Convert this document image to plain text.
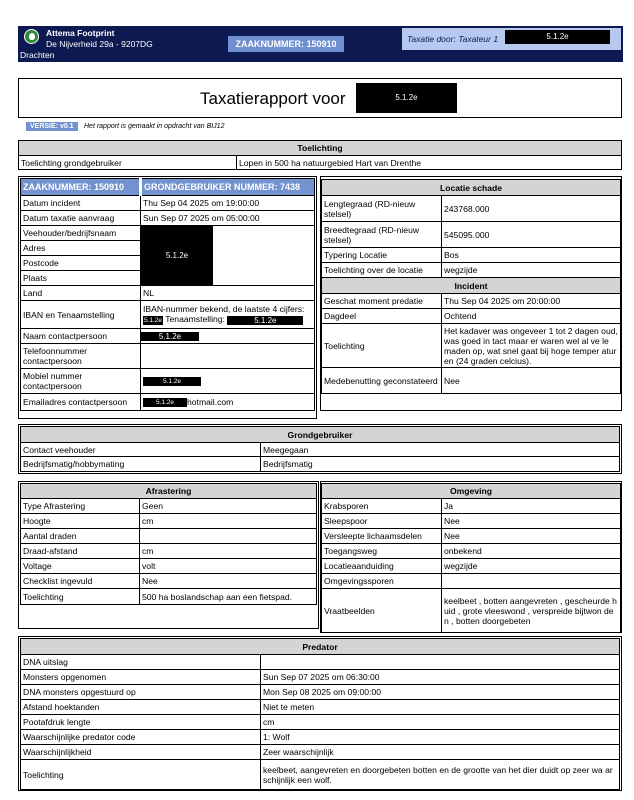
Attema Footprint
De Nijverheid 29a - 9207DG
Drachten
ZAAKNUMMER: 150910	Taxatie door: Taxateur 1	5.1.2e
Taxatierapport voor	5.1.2e
VERSIE: v0.1	Het rapport is gemaakt in opdracht van BIJ12
Toelichting
Toelichting grondgebruiker	Lopen in 500 ha natuurgebied Hart van Drenthe
ZAAKNUMMER: 150910	GRONDGEBRUIKER NUMMER: 7438
Datum incident	Thu Sep 04 2025 om 19:00:00
Datum taxatie aanvraag	Sun Sep 07 2025 om 05:00:00
Veehouder/bedrijfsnaam	5.1.2e

Adres	
Postcode	
Plaats	
Land	NL
IBAN en Tenaamstelling	IBAN-nummer bekend, de laatste 4 cijfers:
5.1.2e Tenaamstelling: 5.1.2e
Naam contactpersoon	5.1.2e
Telefoonnummer contactpersoon	
Mobiel nummer contactpersoon	5.1.2e
Emailadres contactpersoon	5.1.2e hotmail.com
Locatie schade	
Lengtegraad (RD-nieuw stelsel)	243768.000
Breedtegraad (RD-nieuw stelsel)	545095.000
Typering Locatie	Bos
Toelichting over de locatie	wegzijde
Incident	
Geschat moment predatie	Thu Sep 04 2025 om 20:00:00
Dagdeel	Ochtend
Toelichting	Het kadaver was ongeveer 1 tot 2 dagen oud, was goed in tact maar er waren wel al ve le maden op, wat snel gaat bij hoge temper aturen (24 graden celcius).
Medebenutting geconstateerd	Nee
Grondgebruiker	
Contact veehouder	Meegegaan
Bedrijfsmatig/hobbymating	Bedrijfsmatig
Afrastering	
Type Afrastering	Geen
Hoogte	cm
Aantal draden	
Draad-afstand	cm
Voltage	volt
Checklist ingevuld	Nee
Toelichting	500 ha boslandschap aan een fietspad.
Omgeving	
Krabsporen	Ja
Sleepspoor	Nee
Versleepte lichaamsdelen	Nee
Toegangsweg	onbekend
Locatieaanduiding	wegzijde
Omgevingssporen	
Vraatbeelden	keelbeet , botten aangevreten , gescheurde huid , grote vleeswond , verspreide bijtwon den , botten doorgebeten
Predator	
DNA uitslag	
Monsters opgenomen	Sun Sep 07 2025 om 06:30:00
DNA monsters opgestuurd op	Mon Sep 08 2025 om 09:00:00
Afstand hoektanden	Niet te meten
Pootafdruk lengte	cm
Waarschijnlijke predator code	1: Wolf
Waarschijnlijkheid	Zeer waarschijnlijk
Toelichting	keelbeet, aangevreten en doorgebeten botten en de grootte van het dier duidt op zeer wa arschijnlijk een wolf.
